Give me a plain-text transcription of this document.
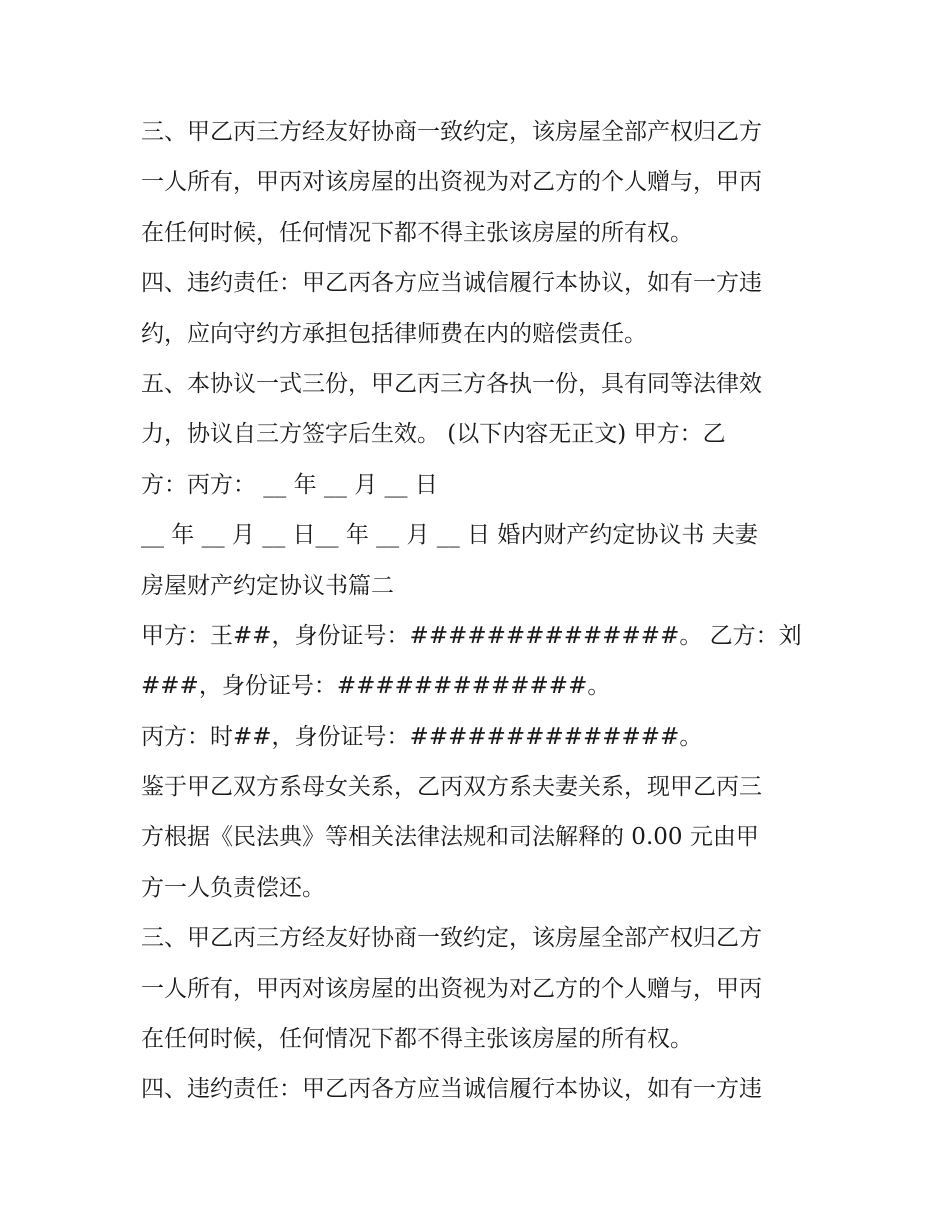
三、甲乙丙三方经友好协商一致约定，该房屋全部产权归乙方
一人所有，甲丙对该房屋的出资视为对乙方的个人赠与，甲丙
在任何时候，任何情况下都不得主张该房屋的所有权。
四、违约责任：甲乙丙各方应当诚信履行本协议，如有一方违
约，应向守约方承担包括律师费在内的赔偿责任。
五、本协议一式三份，甲乙丙三方各执一份，具有同等法律效
力，协议自三方签字后生效。 (以下内容无正文) 甲方：乙
方：丙方： __ 年 __ 月 __ 日
__ 年 __ 月 __ 日__ 年 __ 月 __ 日 婚内财产约定协议书 夫妻
房屋财产约定协议书篇二
甲方：王##，身份证号：##############。 乙方：刘
###，身份证号：#############。
丙方：时##，身份证号：##############。
鉴于甲乙双方系母女关系，乙丙双方系夫妻关系，现甲乙丙三
方根据《民法典》等相关法律法规和司法解释的 0.00 元由甲
方一人负责偿还。
三、甲乙丙三方经友好协商一致约定，该房屋全部产权归乙方
一人所有，甲丙对该房屋的出资视为对乙方的个人赠与，甲丙
在任何时候，任何情况下都不得主张该房屋的所有权。
四、违约责任：甲乙丙各方应当诚信履行本协议，如有一方违
